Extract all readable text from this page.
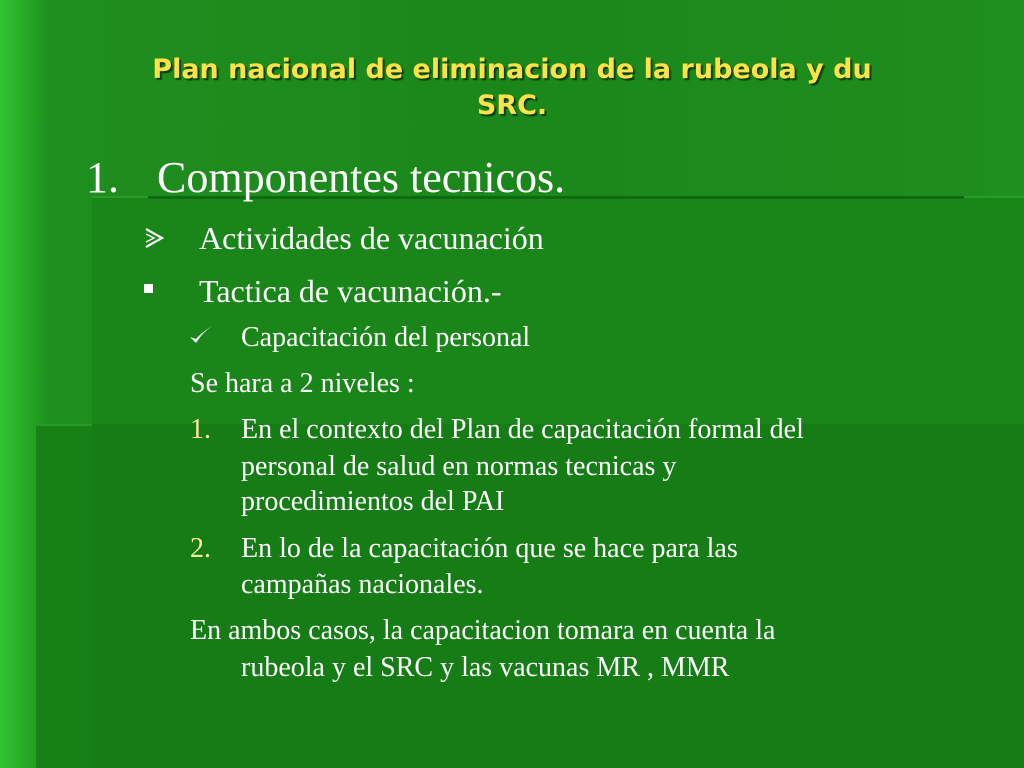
Plan nacional de eliminacion de la rubeola y du
SRC.
1. Componentes tecnicos.
Actividades de vacunación
Tactica de vacunación.-
Capacitación del personal
Se hara a 2 niveles :
1. En el contexto del Plan de capacitación formal del
personal de salud en normas tecnicas y
procedimientos del PAI
2. En lo de la capacitación que se hace para las
campañas nacionales.
En ambos casos, la capacitacion tomara en cuenta la
rubeola y el SRC y las vacunas MR , MMR
